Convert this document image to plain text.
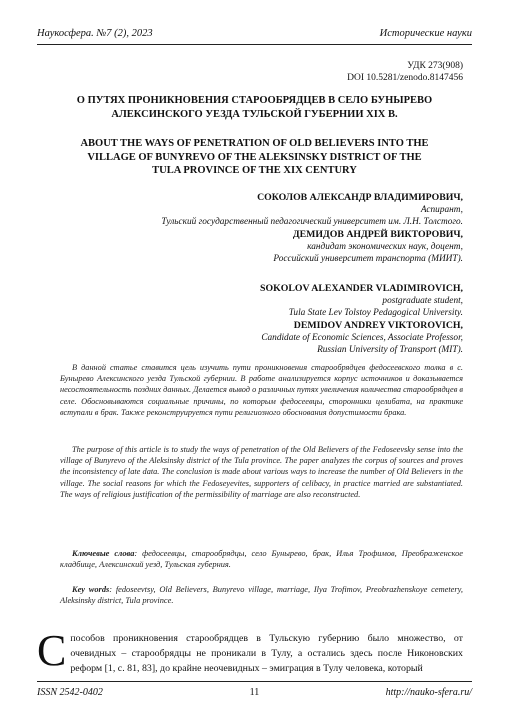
Наукосфера. №7 (2), 2023	Исторические науки
УДК 273(908)
DOI 10.5281/zenodo.8147456
О ПУТЯХ ПРОНИКНОВЕНИЯ СТАРООБРЯДЦЕВ В СЕЛО БУНЫРЕВО
АЛЕКСИНСКОГО УЕЗДА ТУЛЬСКОЙ ГУБЕРНИИ XIX В.
ABOUT THE WAYS OF PENETRATION OF OLD BELIEVERS INTO THE
VILLAGE OF BUNYREVO OF THE ALEKSINSKY DISTRICT OF THE
TULA PROVINCE OF THE XIX CENTURY
СОКОЛОВ АЛЕКСАНДР ВЛАДИМИРОВИЧ,
Аспирант,
Тульский государственный педагогический университет им. Л.Н. Толстого.
ДЕМИДОВ АНДРЕЙ ВИКТОРОВИЧ,
кандидат экономических наук, доцент,
Российский университет транспорта (МИИТ).
SOKOLOV ALEXANDER VLADIMIROVICH,
postgraduate student,
Tula State Lev Tolstoy Pedagogical University.
DEMIDOV ANDREY VIKTOROVICH,
Candidate of Economic Sciences, Associate Professor,
Russian University of Transport (MIT).
В данной статье ставится цель изучить пути проникновения старообрядцев федосеевского толка в с. Бунырево Алексинского уезда Тульской губернии. В работе анализируется корпус источников и доказывается несостоятельность поздних данных. Делается вывод о различных путях увеличения количества старообрядцев в селе. Обосновываются социальные причины, по которым федосеевцы, сторонники целибата, на практике вступали в брак. Также реконструируется пути религиозного обоснования допустимости брака.
The purpose of this article is to study the ways of penetration of the Old Believers of the Fedoseevsky sense into the village of Bunyrevo of the Aleksinsky district of the Tula province. The paper analyzes the corpus of sources and proves the inconsistency of late data. The conclusion is made about various ways to increase the number of Old Believers in the village. The social reasons for which the Fedoseyevites, supporters of celibacy, in practice married are substantiated. The ways of religious justification of the permissibility of marriage are also reconstructed.
Ключевые слова: федосеевцы, старообрядцы, село Бунырево, брак, Илья Трофимов, Преображенское кладбище, Алексинский уезд, Тульская губерния.
Key words: fedoseevtsy, Old Believers, Bunyrevo village, marriage, Ilya Trofimov, Preobrazhenskoye cemetery, Aleksinsky district, Tula province.
Способов проникновения старообрядцев в Тульскую губернию было множество, от очевидных – старообрядцы не проникали в Тулу, а остались здесь после Никоновских реформ [1, с. 81, 83], до крайне неочевидных – эмиграция в Тулу человека, который
ISSN 2542-0402	11	http://nauko-sfera.ru/
